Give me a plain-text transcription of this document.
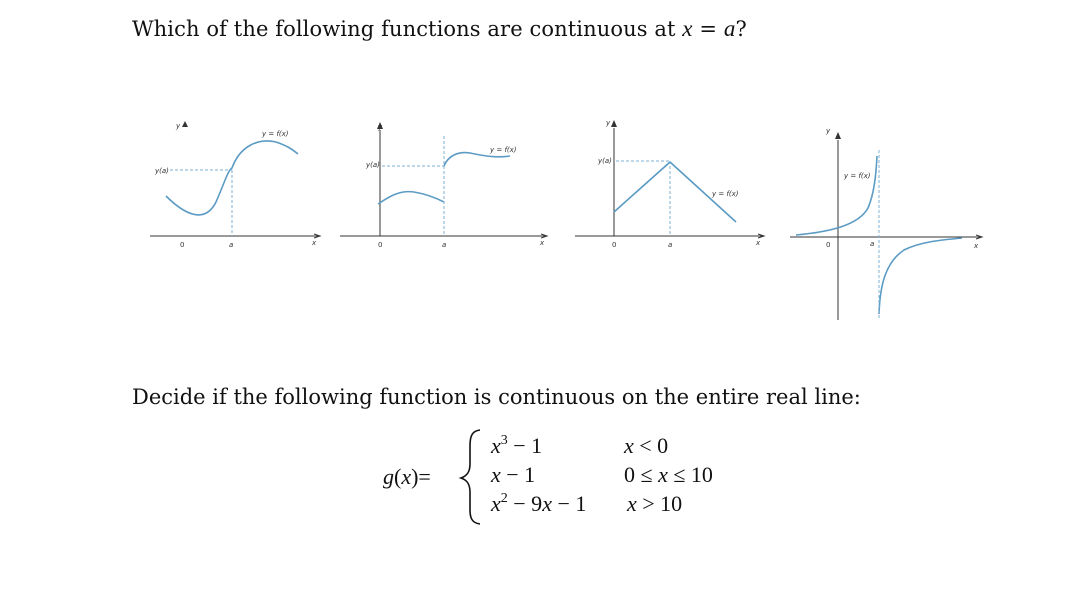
Which of the following functions are continuous at x = a?
y
y(a)
y = f(x)
0	a	x
y
y(a)
y = f(x)
0	a	x
y
y(a)
y = f(x)
0	a	x
y
y = f(x)
0	a	x
Decide if the following function is continuous on the entire real line:
g(x)=
$x^3 - 1$	x < 0
x − 1	0 ≤ x ≤ 10
$x^2 - 9x - 1$ x > 10
